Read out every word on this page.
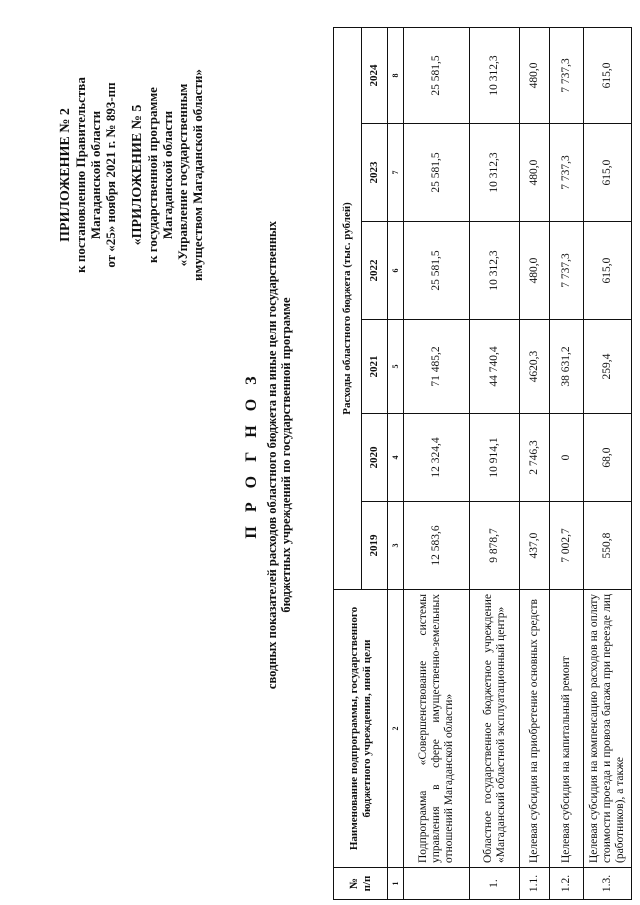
ПРИЛОЖЕНИЕ № 2 к постановлению Правительства Магаданской области от «25» ноября 2021 г. № 893-пп «ПРИЛОЖЕНИЕ № 5 к государственной программе Магаданской области «Управление государственным имуществом Магаданской области»
П Р О Г Н О З сводных показателей расходов областного бюджета на иные цели государственных бюджетных учреждений по государственной программе
№ п/п	Наименование подпрограммы, государственного бюджетного учреждения, иной цели	Расходы областного бюджета (тыс. рублей)					
		2019	2020	2021	2022	2023	2024
1	2	3	4	5	6	7	8
	Подпрограмма «Совершенствование системы управления в сфере имущественно-земельных отношений Магаданской области»	12 583,6	12 324,4	71 485,2	25 581,5	25 581,5	25 581,5
1.	Областное государственное бюджетное учреждение «Магаданский областной эксплуатационный центр»	9 878,7	10 914,1	44 740,4	10 312,3	10 312,3	10 312,3
1.1.	Целевая субсидия на приобретение основных средств	437,0	2 746,3	4620,3	480,0	480,0	480,0
1.2.	Целевая субсидия на капитальный ремонт	7 002,7	0	38 631,2	7 737,3	7 737,3	7 737,3
1.3.	Целевая субсидия на компенсацию расходов на оплату стоимости проезда и провоза багажа при переезде лиц (работников), а также	550,8	68,0	259,4	615,0	615,0	615,0
